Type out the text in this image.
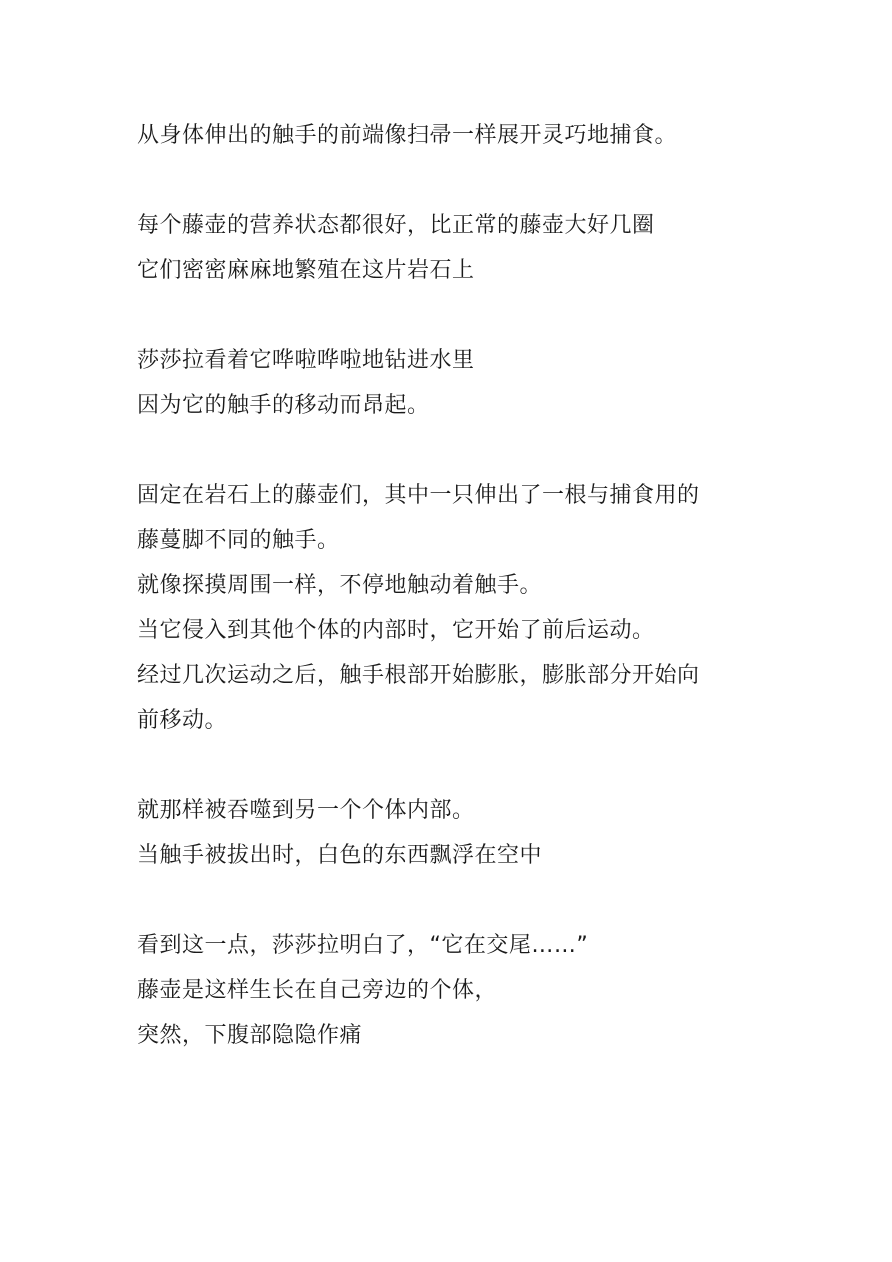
从身体伸出的触手的前端像扫帚一样展开灵巧地捕食。
每个藤壶的营养状态都很好，比正常的藤壶大好几圈
它们密密麻麻地繁殖在这片岩石上
莎莎拉看着它哗啦哗啦地钻进水里
因为它的触手的移动而昂起。
固定在岩石上的藤壶们，其中一只伸出了一根与捕食用的
藤蔓脚不同的触手。
就像探摸周围一样，不停地触动着触手。
当它侵入到其他个体的内部时，它开始了前后运动。
经过几次运动之后，触手根部开始膨胀，膨胀部分开始向
前移动。
就那样被吞噬到另一个个体内部。
当触手被拔出时，白色的东西飘浮在空中
看到这一点，莎莎拉明白了，“它在交尾……”
藤壶是这样生长在自己旁边的个体，
突然，下腹部隐隐作痛
